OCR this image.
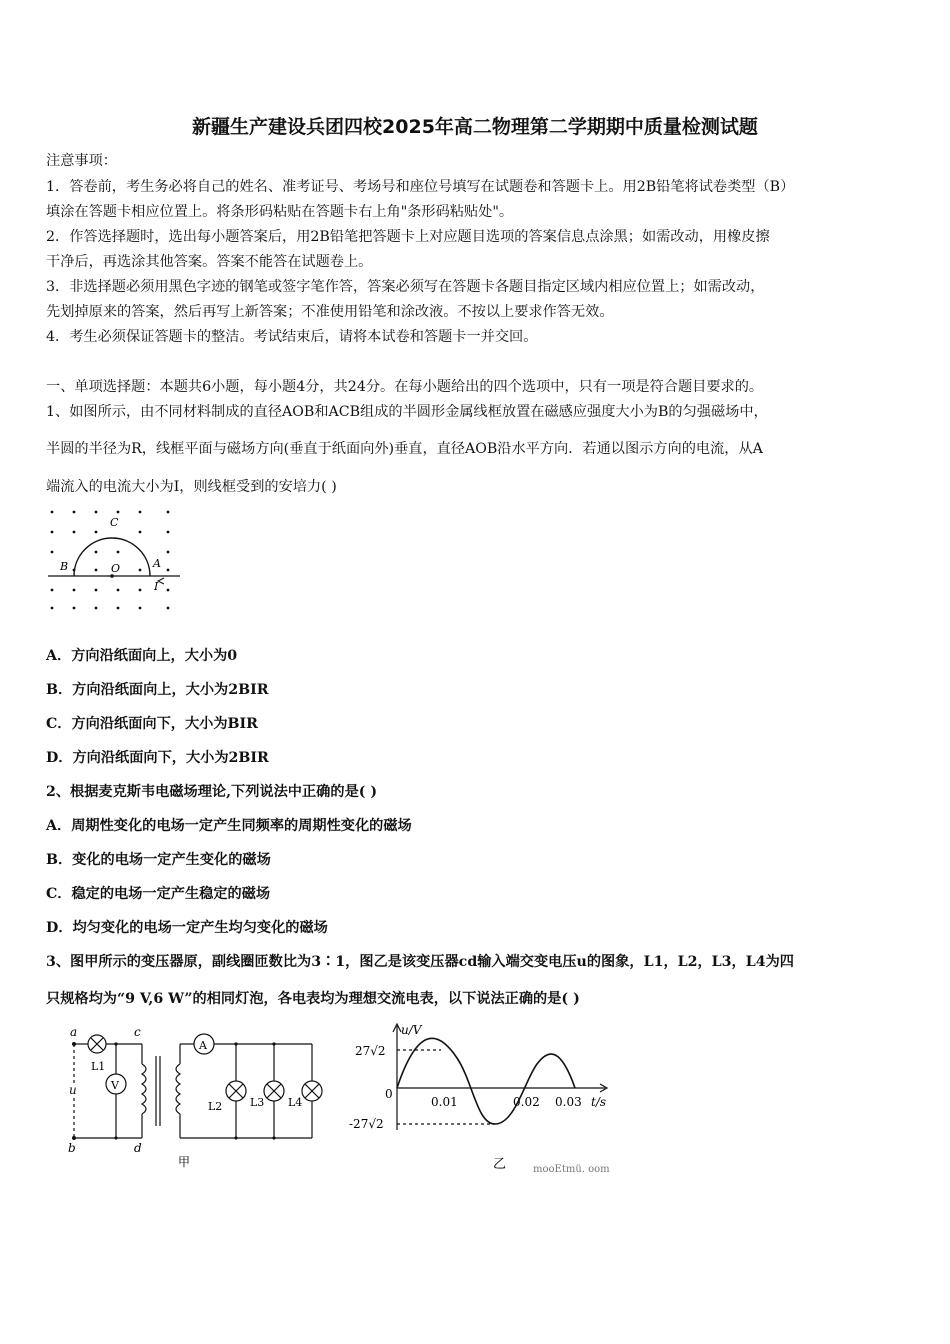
新疆生产建设兵团四校2025年高二物理第二学期期中质量检测试题
注意事项：
1．答卷前，考生务必将自己的姓名、准考证号、考场号和座位号填写在试题卷和答题卡上。用2B铅笔将试卷类型（B）
填涂在答题卡相应位置上。将条形码粘贴在答题卡右上角"条形码粘贴处"。
2．作答选择题时，选出每小题答案后，用2B铅笔把答题卡上对应题目选项的答案信息点涂黑；如需改动，用橡皮擦
干净后，再选涂其他答案。答案不能答在试题卷上。
3．非选择题必须用黑色字迹的钢笔或签字笔作答，答案必须写在答题卡各题目指定区域内相应位置上；如需改动，
先划掉原来的答案，然后再写上新答案；不准使用铅笔和涂改液。不按以上要求作答无效。
4．考生必须保证答题卡的整洁。考试结束后，请将本试卷和答题卡一并交回。
一、单项选择题：本题共6小题，每小题4分，共24分。在每小题给出的四个选项中，只有一项是符合题目要求的。
1、如图所示，由不同材料制成的直径AOB和ACB组成的半圆形金属线框放置在磁感应强度大小为B的匀强磁场中，
半圆的半径为R，线框平面与磁场方向(垂直于纸面向外)垂直，直径AOB沿水平方向．若通以图示方向的电流，从A
端流入的电流大小为I，则线框受到的安培力( )
C
B	O	A
I
A．方向沿纸面向上，大小为0
B．方向沿纸面向上，大小为2BIR
C．方向沿纸面向下，大小为BIR
D．方向沿纸面向下，大小为2BIR
2、根据麦克斯韦电磁场理论,下列说法中正确的是( )
A．周期性变化的电场一定产生同频率的周期性变化的磁场
B．变化的电场一定产生变化的磁场
C．稳定的电场一定产生稳定的磁场
D．均匀变化的电场一定产生均匀变化的磁场
3、图甲所示的变压器原，副线圈匝数比为3∶1，图乙是该变压器cd输入端交变电压u的图象，L1，L2，L3，L4为四
只规格均为“9 V,6 W”的相同灯泡，各电表均为理想交流电表，以下说法正确的是( )
a
b
c
d
u
L1
V
A
L2	L3 L4
甲
u/V
27√2
0
-27√2
0.01	0.02 0.03 t/s
乙	mooEtmü. oom
